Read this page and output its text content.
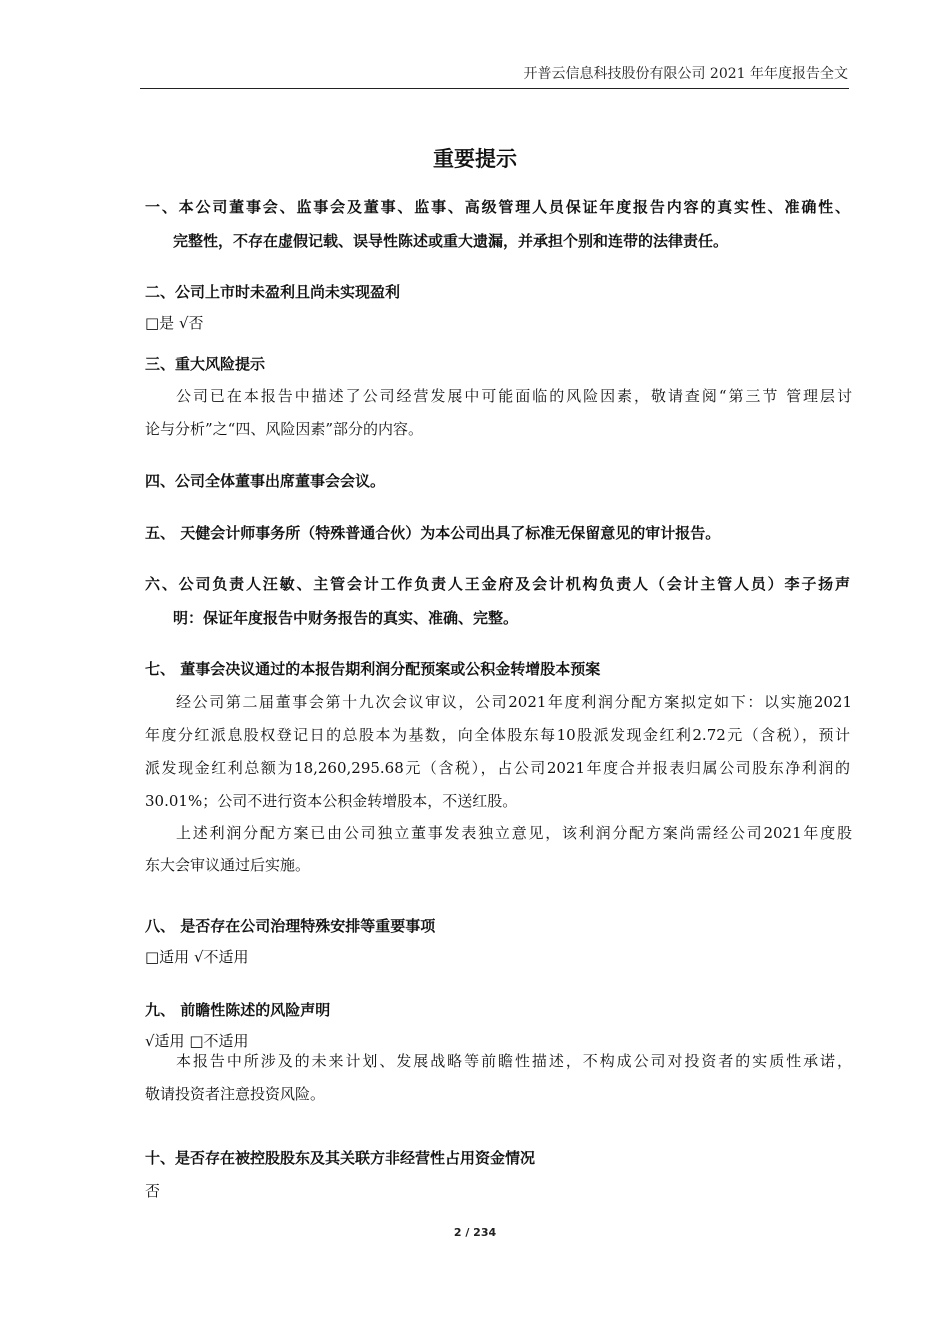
开普云信息科技股份有限公司 2021 年年度报告全文
重要提示
一、本公司董事会、监事会及董事、监事、高级管理人员保证年度报告内容的真实性、准确性、
完整性，不存在虚假记载、误导性陈述或重大遗漏，并承担个别和连带的法律责任。
二、公司上市时未盈利且尚未实现盈利
□是 √否
三、重大风险提示
公司已在本报告中描述了公司经营发展中可能面临的风险因素，敬请查阅“第三节 管理层讨
论与分析”之“四、风险因素”部分的内容。
四、公司全体董事出席董事会会议。
五、 天健会计师事务所（特殊普通合伙）为本公司出具了标准无保留意见的审计报告。
六、公司负责人汪敏、主管会计工作负责人王金府及会计机构负责人（会计主管人员）李子扬声
明：保证年度报告中财务报告的真实、准确、完整。
七、 董事会决议通过的本报告期利润分配预案或公积金转增股本预案
经公司第二届董事会第十九次会议审议，公司2021年度利润分配方案拟定如下：以实施2021
年度分红派息股权登记日的总股本为基数，向全体股东每10股派发现金红利2.72元（含税），预计
派发现金红利总额为18,260,295.68元（含税），占公司2021年度合并报表归属公司股东净利润的
30.01%；公司不进行资本公积金转增股本，不送红股。
上述利润分配方案已由公司独立董事发表独立意见，该利润分配方案尚需经公司2021年度股
东大会审议通过后实施。
八、 是否存在公司治理特殊安排等重要事项
□适用 √不适用
九、 前瞻性陈述的风险声明
√适用 □不适用
本报告中所涉及的未来计划、发展战略等前瞻性描述，不构成公司对投资者的实质性承诺，
敬请投资者注意投资风险。
十、是否存在被控股股东及其关联方非经营性占用资金情况
否
2 / 234
